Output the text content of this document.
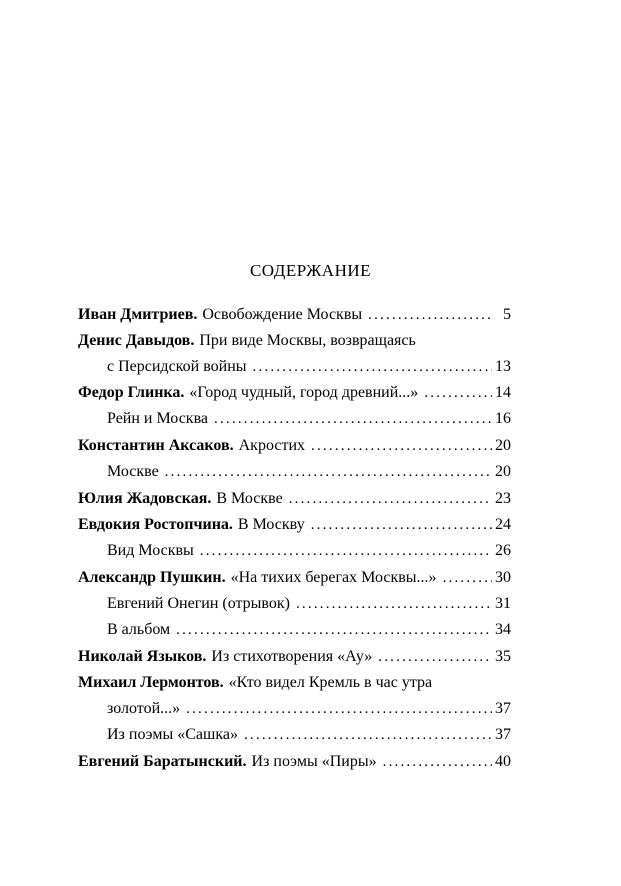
СОДЕРЖАНИЕ
Иван Дмитриев. Освобождение Москвы .....	5
Денис Давыдов. При виде Москвы, возвращаясь
с Персидской войны .....	13
Федор Глинка. «Город чудный, город древний...» .....	14
Рейн и Москва .....	16
Константин Аксаков. Акростих .....	20
Москве .....	20
Юлия Жадовская. В Москве .....	23
Евдокия Ростопчина. В Москву .....	24
Вид Москвы .....	26
Александр Пушкин. «На тихих берегах Москвы...» .....	30
Евгений Онегин (отрывок) .....	31
В альбом .....	34
Николай Языков. Из стихотворения «Ау» .....	35
Михаил Лермонтов. «Кто видел Кремль в час утра
золотой...» .....	37
Из поэмы «Сашка» .....	37
Евгений Баратынский. Из поэмы «Пиры» .....	40
